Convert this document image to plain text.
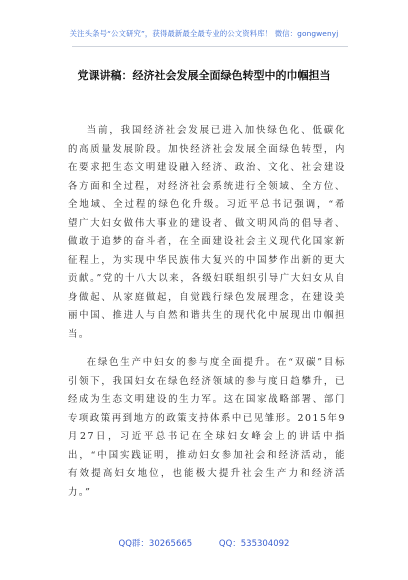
关注头条号“公文研究”，获得最新最全最专业的公文资料库！ 微信：gongwenyj
党课讲稿：经济社会发展全面绿色转型中的巾帼担当

当前，我国经济社会发展已进入加快绿色化、低碳化的高质量发展阶段。加快经济社会发展全面绿色转型，内在要求把生态文明建设融入经济、政治、文化、社会建设各方面和全过程，对经济社会系统进行全领域、全方位、全地域、全过程的绿色化升级。习近平总书记强调，“希望广大妇女做伟大事业的建设者、做文明风尚的倡导者、做敢于追梦的奋斗者，在全面建设社会主义现代化国家新征程上，为实现中华民族伟大复兴的中国梦作出新的更大贡献。”党的十八大以来，各级妇联组织引导广大妇女从自身做起、从家庭做起，自觉践行绿色发展理念，在建设美丽中国、推进人与自然和谐共生的现代化中展现出巾帼担当。

在绿色生产中妇女的参与度全面提升。在“双碳”目标引领下，我国妇女在绿色经济领域的参与度日趋攀升，已经成为生态文明建设的生力军。这在国家战略部署、部门专项政策再到地方的政策支持体系中已见雏形。2015年9月27日，习近平总书记在全球妇女峰会上的讲话中指出，“中国实践证明，推动妇女参加社会和经济活动，能有效提高妇女地位，也能极大提升社会生产力和经济活力。”

QQ群：30265665	QQ：535304092
